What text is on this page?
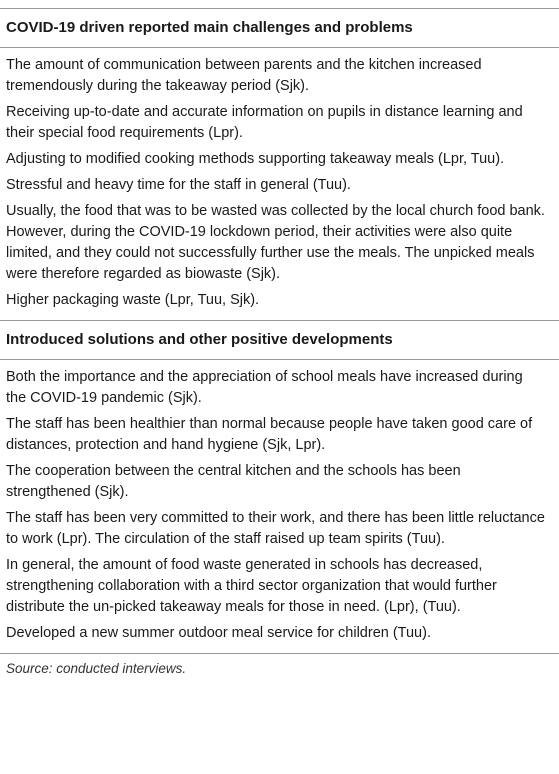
COVID-19 driven reported main challenges and problems

The amount of communication between parents and the kitchen increased tremendously during the takeaway period (Sjk).

Receiving up-to-date and accurate information on pupils in distance learning and their special food requirements (Lpr).

Adjusting to modified cooking methods supporting takeaway meals (Lpr, Tuu).

Stressful and heavy time for the staff in general (Tuu).

Usually, the food that was to be wasted was collected by the local church food bank. However, during the COVID-19 lockdown period, their activities were also quite limited, and they could not successfully further use the meals. The unpicked meals were therefore regarded as biowaste (Sjk).

Higher packaging waste (Lpr, Tuu, Sjk).

Introduced solutions and other positive developments

Both the importance and the appreciation of school meals have increased during the COVID-19 pandemic (Sjk).

The staff has been healthier than normal because people have taken good care of distances, protection and hand hygiene (Sjk, Lpr).

The cooperation between the central kitchen and the schools has been strengthened (Sjk).

The staff has been very committed to their work, and there has been little reluctance to work (Lpr). The circulation of the staff raised up team spirits (Tuu).

In general, the amount of food waste generated in schools has decreased, strengthening collaboration with a third sector organization that would further distribute the un-picked takeaway meals for those in need. (Lpr), (Tuu).

Developed a new summer outdoor meal service for children (Tuu).

Source: conducted interviews.
